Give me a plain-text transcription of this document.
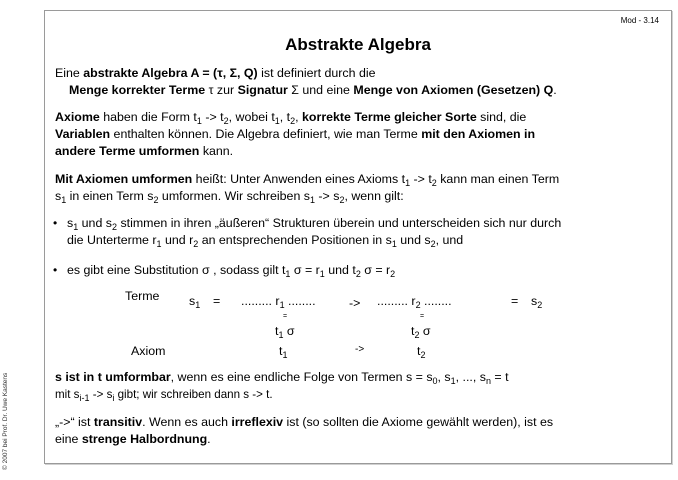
© 2007 bei Prof. Dr. Uwe Kastens
Mod - 3.14
Abstrakte Algebra
Eine abstrakte Algebra A = (τ, Σ, Q) ist definiert durch die
Menge korrekter Terme τ zur Signatur Σ und eine Menge von Axiomen (Gesetzen) Q.
Axiome haben die Form $t_1 -> t_2$, wobei $t_1$, $t_2$, korrekte Terme gleicher Sorte sind, die
Variablen enthalten können. Die Algebra definiert, wie man Terme mit den Axiomen in
andere Terme umformen kann.
Mit Axiomen umformen heißt: Unter Anwenden eines Axioms $t_1 -> t_2$ kann man einen Term
$s_1$ in einen Term $s_2$ umformen. Wir schreiben $s_1 -> s_2$, wenn gilt:
• $s_1$ und $s_2$ stimmen in ihren „äußeren“ Strukturen überein und unterscheiden sich nur durch
die Unterterme $r_1$ und $r_2$ an entsprechenden Positionen in $s_1$ und $s_2$, und
• es gibt eine Substitution σ , sodass gilt $t_1$ $\sigma = r_1$ und $t_2$ $\sigma = r_2$
Terme $s_1$ = ......... $r_1$ ........	-> ......... $r_2$ ........	= $s_2$
=	=
$t_1$ σ	$t_2$ σ
Axiom	$t_1$	->	$t_2$
s ist in t umformbar, wenn es eine endliche Folge von Termen $s = s_0$, $s_1$, ..., $s_n = t$
mit $s_{i-1} -> s_i$ gibt; wir schreiben dann s -> t.
„->“ ist transitiv. Wenn es auch irreflexiv ist (so sollten die Axiome gewählt werden), ist es
eine strenge Halbordnung.
